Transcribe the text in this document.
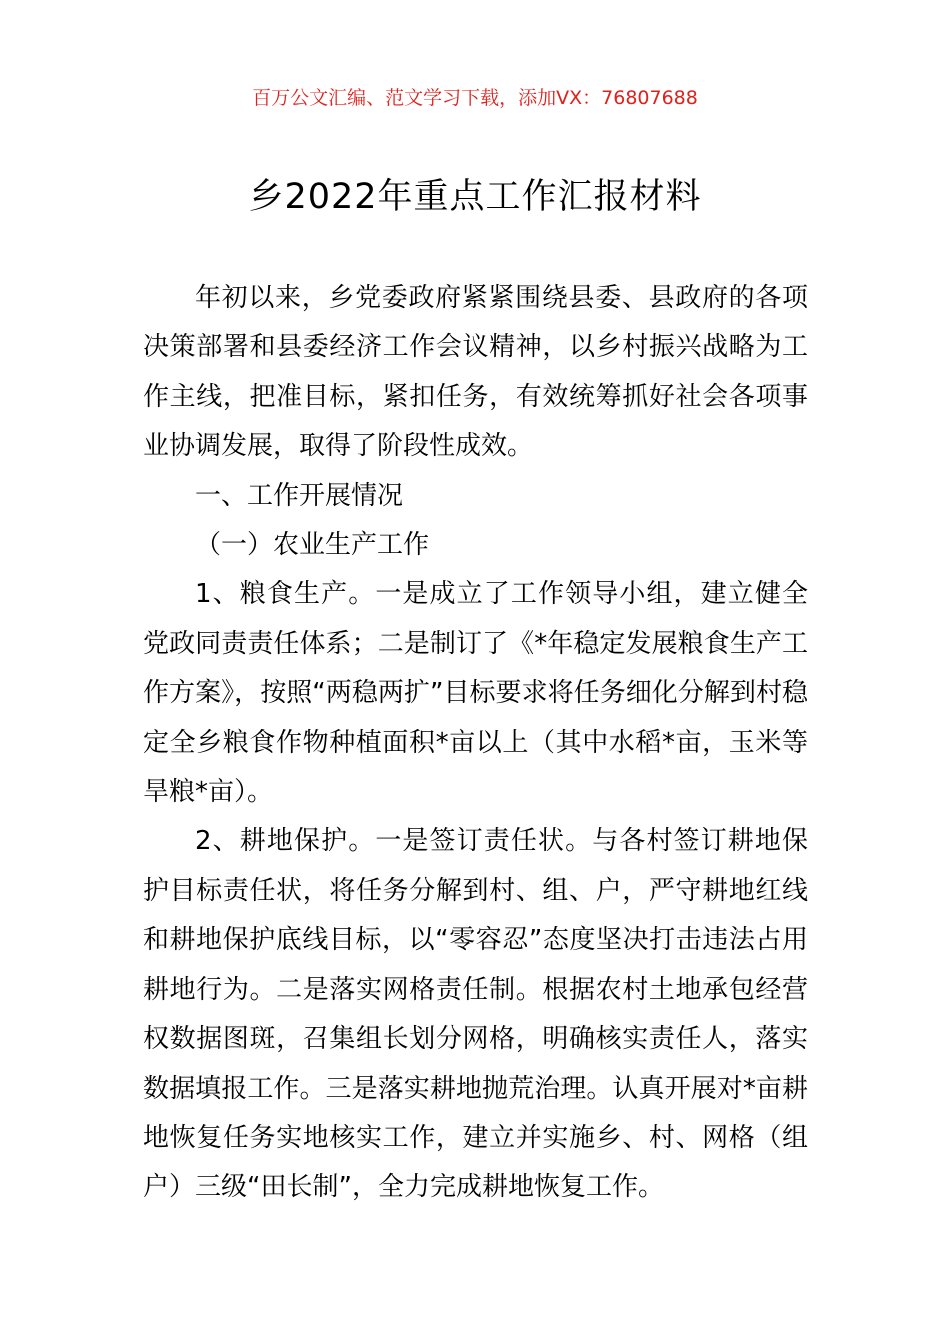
百万公文汇编、范文学习下载，添加VX：76807688
乡2022年重点工作汇报材料

年初以来，乡党委政府紧紧围绕县委、县政府的各项决策部署和县委经济工作会议精神，以乡村振兴战略为工作主线，把准目标，紧扣任务，有效统筹抓好社会各项事业协调发展，取得了阶段性成效。

一、工作开展情况

（一）农业生产工作

1、粮食生产。一是成立了工作领导小组，建立健全党政同责责任体系；二是制订了《*年稳定发展粮食生产工作方案》，按照“两稳两扩”目标要求将任务细化分解到村稳定全乡粮食作物种植面积*亩以上（其中水稻*亩，玉米等旱粮*亩）。

2、耕地保护。一是签订责任状。与各村签订耕地保护目标责任状，将任务分解到村、组、户，严守耕地红线和耕地保护底线目标，以“零容忍”态度坚决打击违法占用耕地行为。二是落实网格责任制。根据农村土地承包经营权数据图斑，召集组长划分网格，明确核实责任人，落实数据填报工作。三是落实耕地抛荒治理。认真开展对*亩耕地恢复任务实地核实工作，建立并实施乡、村、网格（组户）三级“田长制”，全力完成耕地恢复工作。
